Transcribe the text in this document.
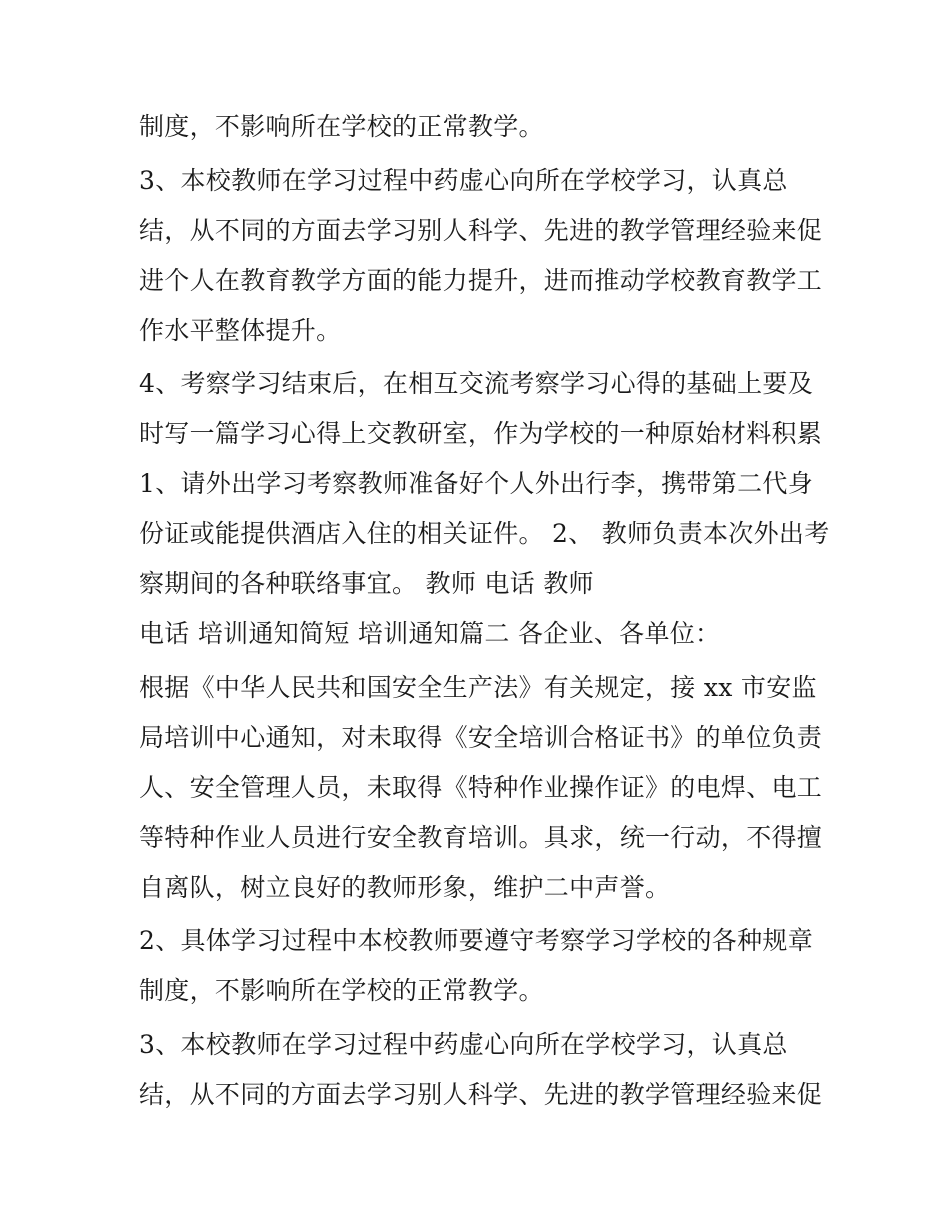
制度，不影响所在学校的正常教学。
3、本校教师在学习过程中药虚心向所在学校学习，认真总
结，从不同的方面去学习别人科学、先进的教学管理经验来促
进个人在教育教学方面的能力提升，进而推动学校教育教学工
作水平整体提升。
4、考察学习结束后，在相互交流考察学习心得的基础上要及
时写一篇学习心得上交教研室，作为学校的一种原始材料积累
1、请外出学习考察教师准备好个人外出行李，携带第二代身
份证或能提供酒店入住的相关证件。 2、 教师负责本次外出考
察期间的各种联络事宜。 教师 电话 教师
电话 培训通知简短 培训通知篇二 各企业、各单位：
根据《中华人民共和国安全生产法》有关规定，接 xx 市安监
局培训中心通知，对未取得《安全培训合格证书》的单位负责
人、安全管理人员，未取得《特种作业操作证》的电焊、电工
等特种作业人员进行安全教育培训。具求，统一行动，不得擅
自离队，树立良好的教师形象，维护二中声誉。
2、具体学习过程中本校教师要遵守考察学习学校的各种规章
制度，不影响所在学校的正常教学。
3、本校教师在学习过程中药虚心向所在学校学习，认真总
结，从不同的方面去学习别人科学、先进的教学管理经验来促
